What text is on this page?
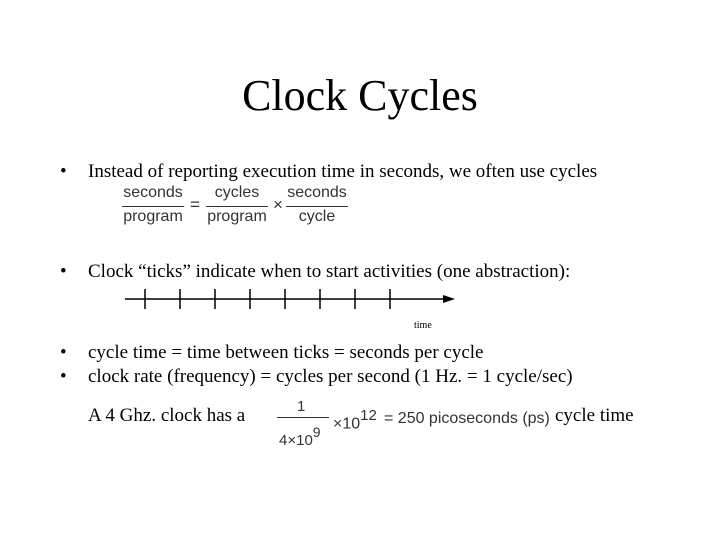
Clock Cycles
• Instead of reporting execution time in seconds, we often use cycles
seconds
program
=
cycles
program
×
seconds
cycle
• Clock “ticks” indicate when to start activities (one abstraction):
time
• cycle time = time between ticks = seconds per cycle
• clock rate (frequency) = cycles per second (1 Hz. = 1 cycle/sec)
A 4 Ghz. clock has a	1
$4\times 10^9 \times 10^{12} = 250$ picoseconds (ps) cycle time
